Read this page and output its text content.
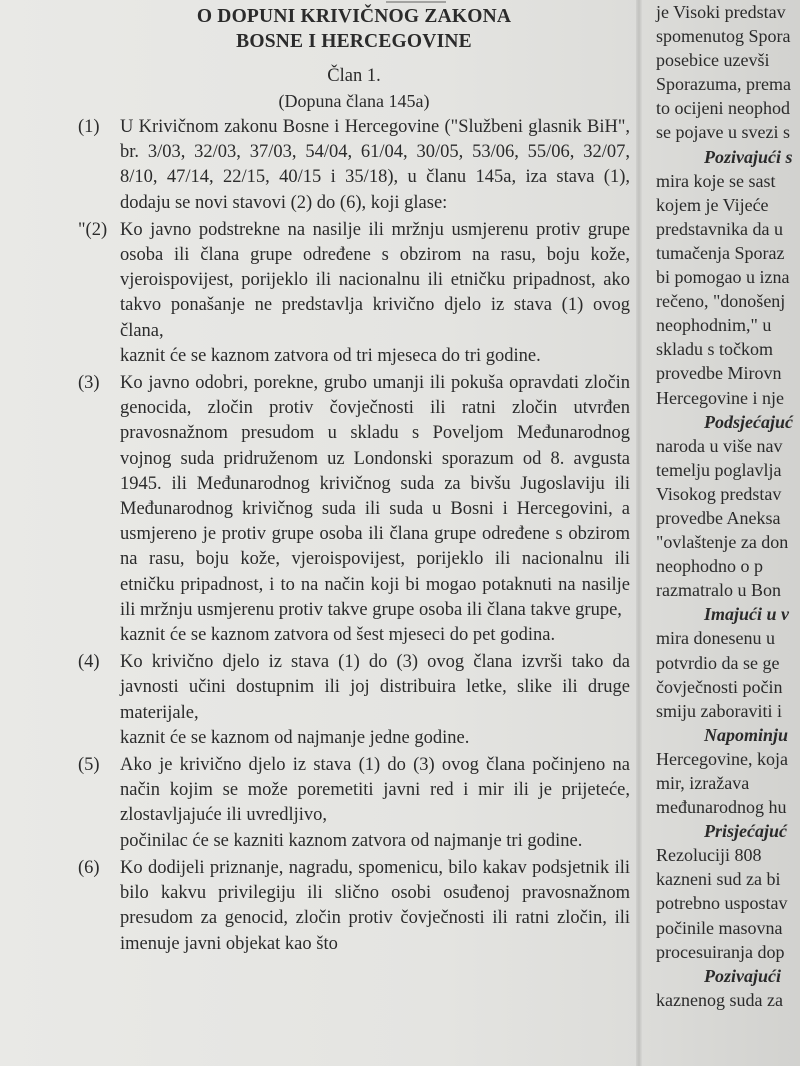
O DOPUNI KRIVIČNOG ZAKONA
BOSNE I HERCEGOVINE
Član 1.
(Dopuna člana 145a)
(1) U Krivičnom zakonu Bosne i Hercegovine ("Službeni glasnik BiH", br. 3/03, 32/03, 37/03, 54/04, 61/04, 30/05, 53/06, 55/06, 32/07, 8/10, 47/14, 22/15, 40/15 i 35/18), u članu 145a, iza stava (1), dodaju se novi stavovi (2) do (6), koji glase:

"(2) Ko javno podstrekne na nasilje ili mržnju usmjerenu protiv grupe osoba ili člana grupe određene s obzirom na rasu, boju kože, vjeroispovijest, porijeklo ili nacionalnu ili etničku pripadnost, ako takvo ponašanje ne predstavlja krivično djelo iz stava (1) ovog člana,

kaznit će se kaznom zatvora od tri mjeseca do tri godine.

(3) Ko javno odobri, porekne, grubo umanji ili pokuša opravdati zločin genocida, zločin protiv čovječnosti ili ratni zločin utvrđen pravosnažnom presudom u skladu s Poveljom Međunarodnog vojnog suda pridruženom uz Londonski sporazum od 8. avgusta 1945. ili Međunarodnog krivičnog suda za bivšu Jugoslaviju ili Međunarodnog krivičnog suda ili suda u Bosni i Hercegovini, a usmjereno je protiv grupe osoba ili člana grupe određene s obzirom na rasu, boju kože, vjeroispovijest, porijeklo ili nacionalnu ili etničku pripadnost, i to na način koji bi mogao potaknuti na nasilje ili mržnju usmjerenu protiv takve grupe osoba ili člana takve grupe,

kaznit će se kaznom zatvora od šest mjeseci do pet godina.

(4) Ko krivično djelo iz stava (1) do (3) ovog člana izvrši tako da javnosti učini dostupnim ili joj distribuira letke, slike ili druge materijale,

kaznit će se kaznom od najmanje jedne godine.

(5) Ako je krivično djelo iz stava (1) do (3) ovog člana počinjeno na način kojim se može poremetiti javni red i mir ili je prijeteće, zlostavljajuće ili uvredljivo,

počinilac će se kazniti kaznom zatvora od najmanje tri godine.

(6) Ko dodijeli priznanje, nagradu, spomenicu, bilo kakav podsjetnik ili bilo kakvu privilegiju ili slično osobi osuđenoj pravosnažnom presudom za genocid, zločin protiv čovječnosti ili ratni zločin, ili imenuje javni objekat kao što

je Visoki predstav
spomenutog Spora
posebice uzevši
Sporazuma, prema
to ocijeni neophod
se pojave u svezi s
Pozivajući s
mira koje se sast
kojem je Vijeće
predstavnika da u
tumačenja Sporaz
bi pomogao u izna
rečeno, "donošenj
neophodnim," u
skladu s točkom
provedbe Mirovn
Hercegovine i nje
Podsjećajuć
naroda u više nav
temelju poglavlja
Visokog predstav
provedbe Aneksa
"ovlaštenje za don
neophodno o p
razmatralo u Bon
Imajući u v
mira donesenu u
potvrdio da se ge
čovječnosti počin
smiju zaboraviti i
Napominju
Hercegovine, koja
mir, izražava
međunarodnog hu
Prisjećajuć
Rezoluciji 808
kazneni sud za bi
potrebno uspostav
počinile masovna
procesuiranja dop
Pozivajući
kaznenog suda za
